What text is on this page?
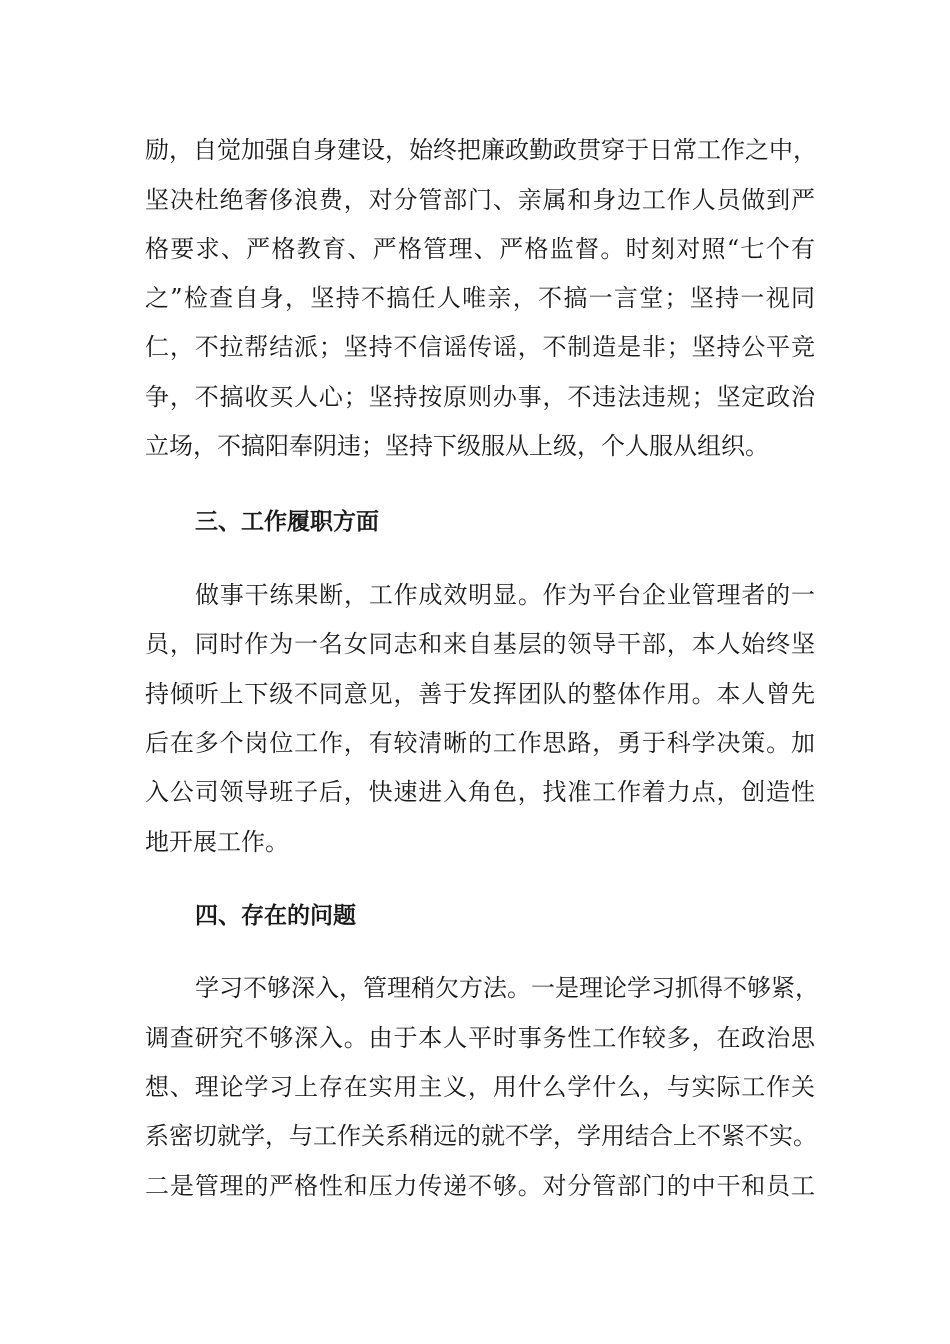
励，自觉加强自身建设，始终把廉政勤政贯穿于日常工作之中，
坚决杜绝奢侈浪费，对分管部门、亲属和身边工作人员做到严
格要求、严格教育、严格管理、严格监督。时刻对照“七个有
之”检查自身，坚持不搞任人唯亲，不搞一言堂；坚持一视同
仁，不拉帮结派；坚持不信谣传谣，不制造是非；坚持公平竞
争，不搞收买人心；坚持按原则办事，不违法违规；坚定政治
立场，不搞阳奉阴违；坚持下级服从上级，个人服从组织。
三、工作履职方面
做事干练果断，工作成效明显。作为平台企业管理者的一
员，同时作为一名女同志和来自基层的领导干部，本人始终坚
持倾听上下级不同意见，善于发挥团队的整体作用。本人曾先
后在多个岗位工作，有较清晰的工作思路，勇于科学决策。加
入公司领导班子后，快速进入角色，找准工作着力点，创造性
地开展工作。
四、存在的问题
学习不够深入，管理稍欠方法。一是理论学习抓得不够紧，
调查研究不够深入。由于本人平时事务性工作较多，在政治思
想、理论学习上存在实用主义，用什么学什么，与实际工作关
系密切就学，与工作关系稍远的就不学，学用结合上不紧不实。
二是管理的严格性和压力传递不够。对分管部门的中干和员工
